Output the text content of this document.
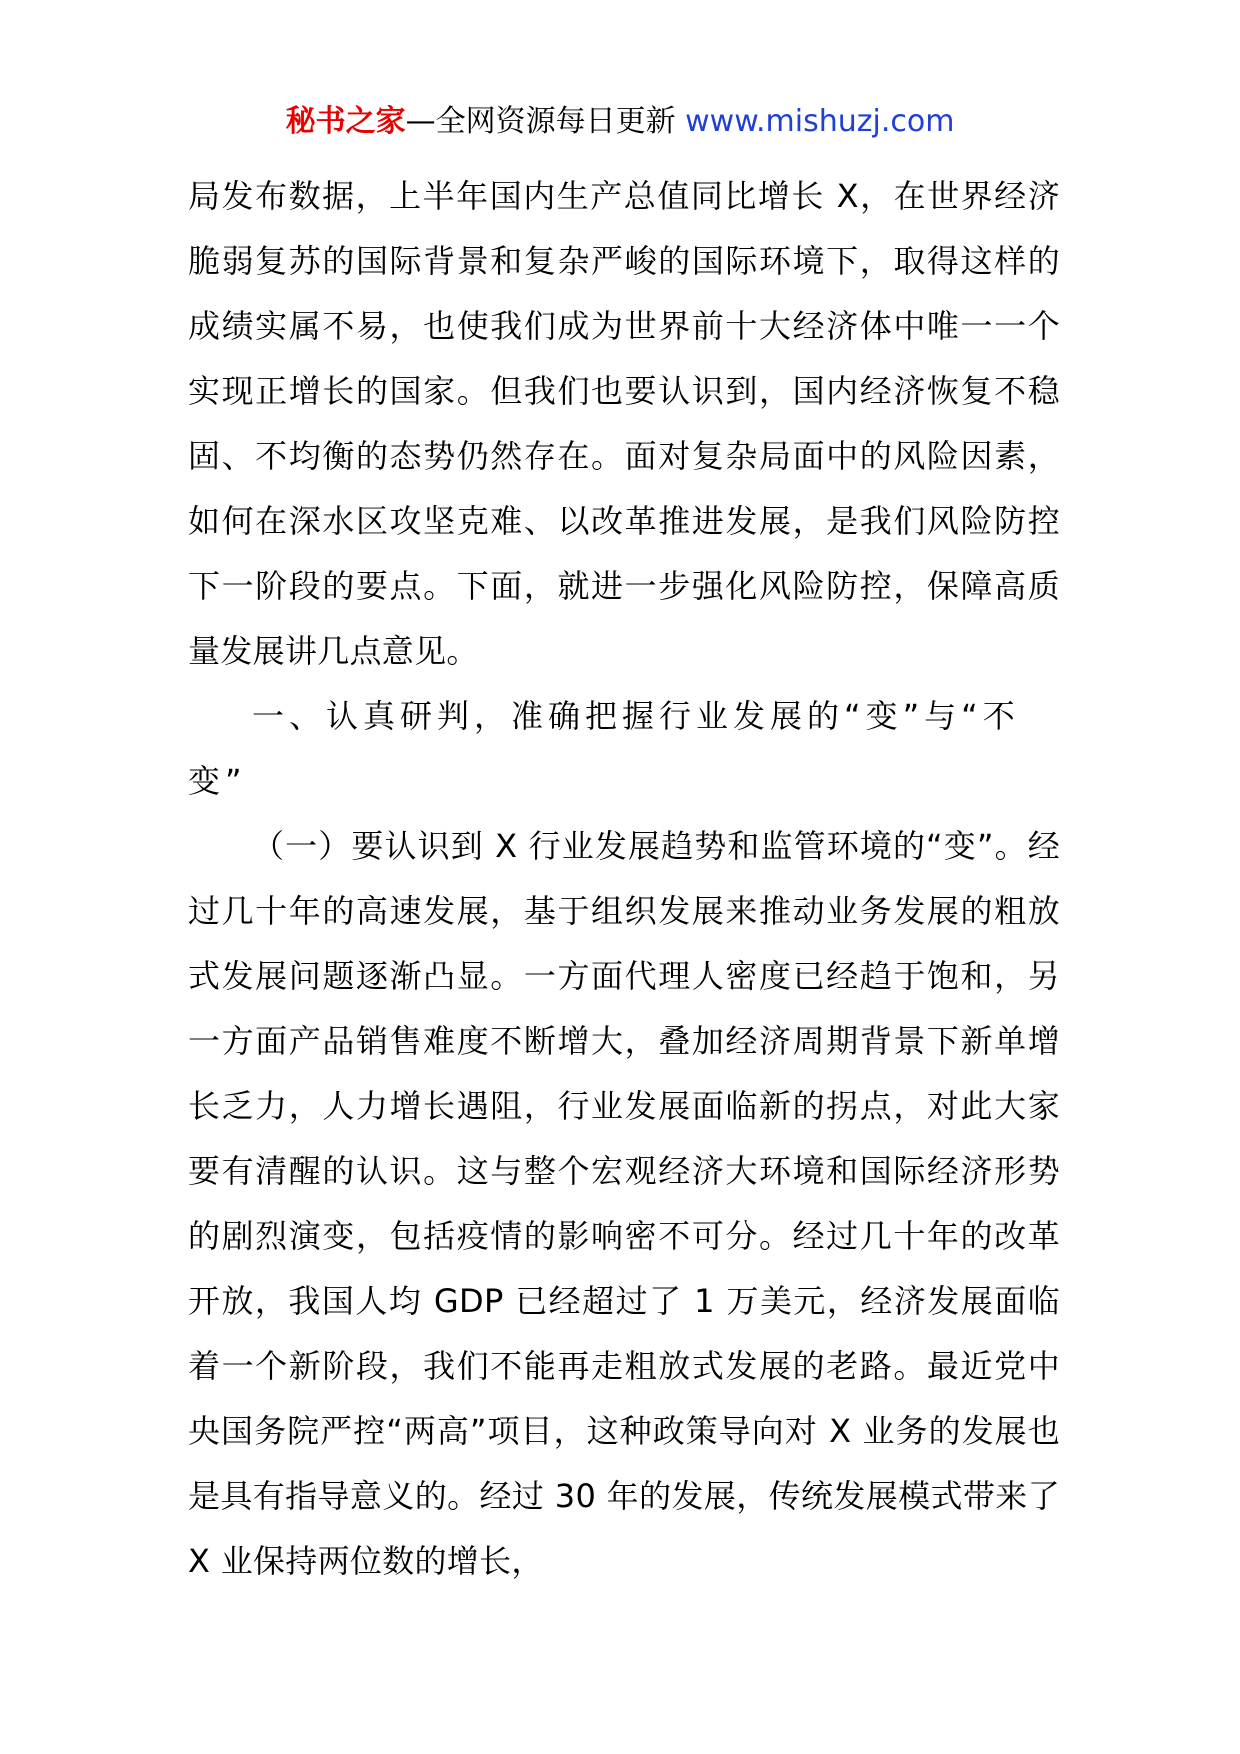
秘书之家—全网资源每日更新 www.mishuzj.com

局发布数据，上半年国内生产总值同比增长 X，在世界经济脆弱复苏的国际背景和复杂严峻的国际环境下，取得这样的成绩实属不易，也使我们成为世界前十大经济体中唯一一个实现正增长的国家。但我们也要认识到，国内经济恢复不稳固、不均衡的态势仍然存在。面对复杂局面中的风险因素，如何在深水区攻坚克难、以改革推进发展，是我们风险防控下一阶段的要点。下面，就进一步强化风险防控，保障高质量发展讲几点意见。

一、认真研判，准确把握行业发展的“变”与“不变”

（一）要认识到 X 行业发展趋势和监管环境的“变”。经过几十年的高速发展，基于组织发展来推动业务发展的粗放式发展问题逐渐凸显。一方面代理人密度已经趋于饱和，另一方面产品销售难度不断增大，叠加经济周期背景下新单增长乏力，人力增长遇阻，行业发展面临新的拐点，对此大家要有清醒的认识。这与整个宏观经济大环境和国际经济形势的剧烈演变，包括疫情的影响密不可分。经过几十年的改革开放，我国人均 GDP 已经超过了 1 万美元，经济发展面临着一个新阶段，我们不能再走粗放式发展的老路。最近党中央国务院严控“两高”项目，这种政策导向对 X 业务的发展也是具有指导意义的。经过 30 年的发展，传统发展模式带来了 X 业保持两位数的增长，
